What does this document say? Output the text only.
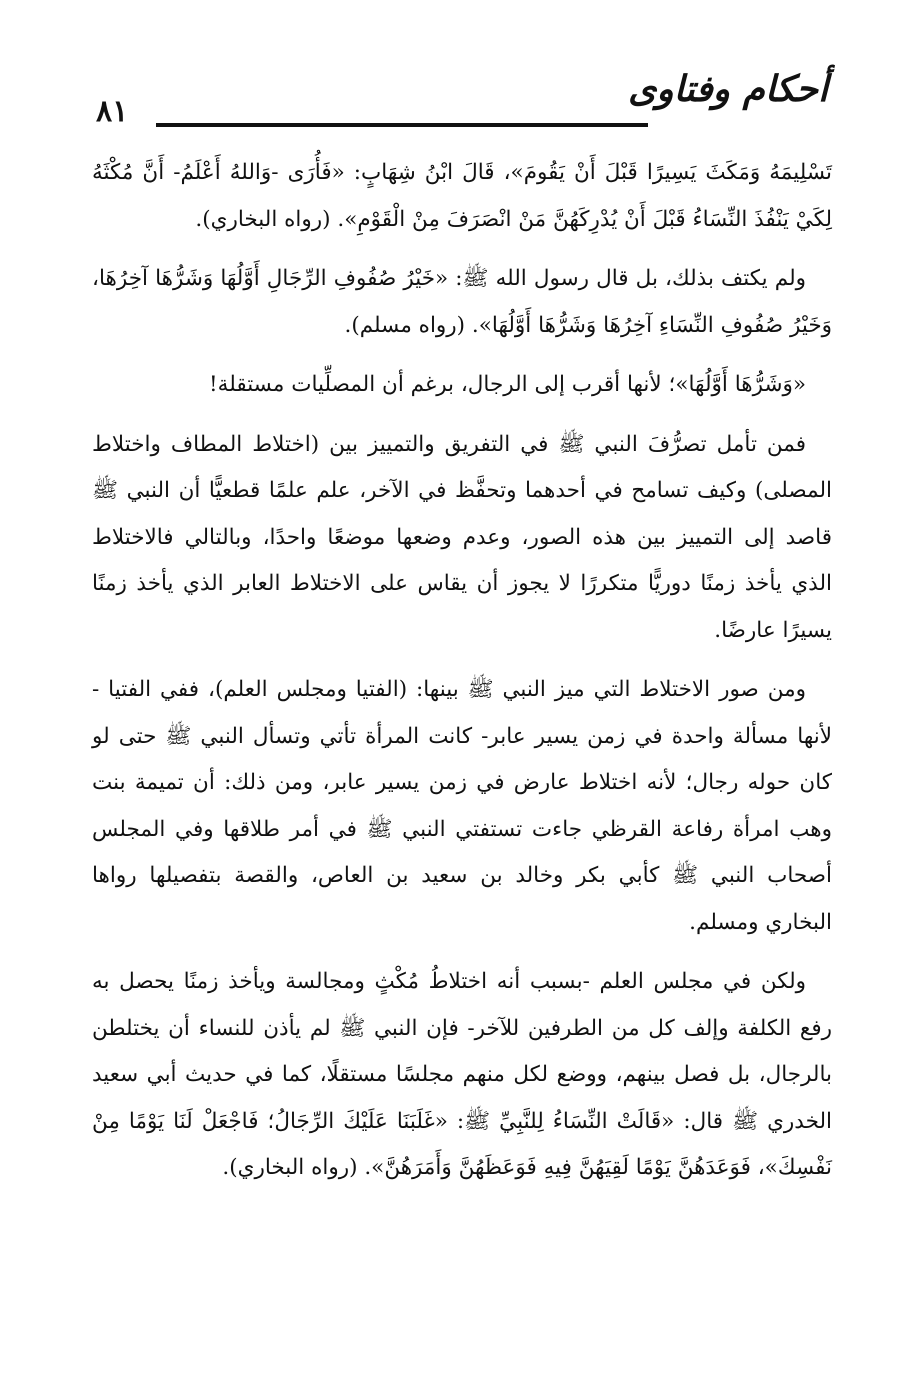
٨١
أحكام وفتاوى

تَسْلِيمَهُ وَمَكَثَ يَسِيرًا قَبْلَ أَنْ يَقُومَ»، قَالَ ابْنُ شِهَابٍ: «فَأُرَى -وَاللهُ أَعْلَمُ- أَنَّ مُكْثَهُ لِكَيْ يَنْفُذَ النِّسَاءُ قَبْلَ أَنْ يُدْرِكَهُنَّ مَنْ انْصَرَفَ مِنْ الْقَوْمِ». (رواه البخاري).

ولم يكتف بذلك، بل قال رسول الله ﷺ: «خَيْرُ صُفُوفِ الرِّجَالِ أَوَّلُهَا وَشَرُّهَا آخِرُهَا، وَخَيْرُ صُفُوفِ النِّسَاءِ آخِرُهَا وَشَرُّهَا أَوَّلُهَا». (رواه مسلم).

«وَشَرُّهَا أَوَّلُهَا»؛ لأنها أقرب إلى الرجال، برغم أن المصلِّيات مستقلة!

فمن تأمل تصرُّفَ النبي ﷺ في التفريق والتمييز بين (اختلاط المطاف واختلاط المصلى) وكيف تسامح في أحدهما وتحفَّظ في الآخر، علم علمًا قطعيًّا أن النبي ﷺ قاصد إلى التمييز بين هذه الصور، وعدم وضعها موضعًا واحدًا، وبالتالي فالاختلاط الذي يأخذ زمنًا دوريًّا متكررًا لا يجوز أن يقاس على الاختلاط العابر الذي يأخذ زمنًا يسيرًا عارضًا.

ومن صور الاختلاط التي ميز النبي ﷺ بينها: (الفتيا ومجلس العلم)، ففي الفتيا - لأنها مسألة واحدة في زمن يسير عابر- كانت المرأة تأتي وتسأل النبي ﷺ حتى لو كان حوله رجال؛ لأنه اختلاط عارض في زمن يسير عابر، ومن ذلك: أن تميمة بنت وهب امرأة رفاعة القرظي جاءت تستفتي النبي ﷺ في أمر طلاقها وفي المجلس أصحاب النبي ﷺ كأبي بكر وخالد بن سعيد بن العاص، والقصة بتفصيلها رواها البخاري ومسلم.

ولكن في مجلس العلم -بسبب أنه اختلاطُ مُكْثٍ ومجالسة ويأخذ زمنًا يحصل به رفع الكلفة وإلف كل من الطرفين للآخر- فإن النبي ﷺ لم يأذن للنساء أن يختلطن بالرجال، بل فصل بينهم، ووضع لكل منهم مجلسًا مستقلًا، كما في حديث أبي سعيد الخدري ﷺ قال: «قَالَتْ النِّسَاءُ لِلنَّبِيِّ ﷺ: «غَلَبَنَا عَلَيْكَ الرِّجَالُ؛ فَاجْعَلْ لَنَا يَوْمًا مِنْ نَفْسِكَ»، فَوَعَدَهُنَّ يَوْمًا لَقِيَهُنَّ فِيهِ فَوَعَظَهُنَّ وَأَمَرَهُنَّ». (رواه البخاري).
